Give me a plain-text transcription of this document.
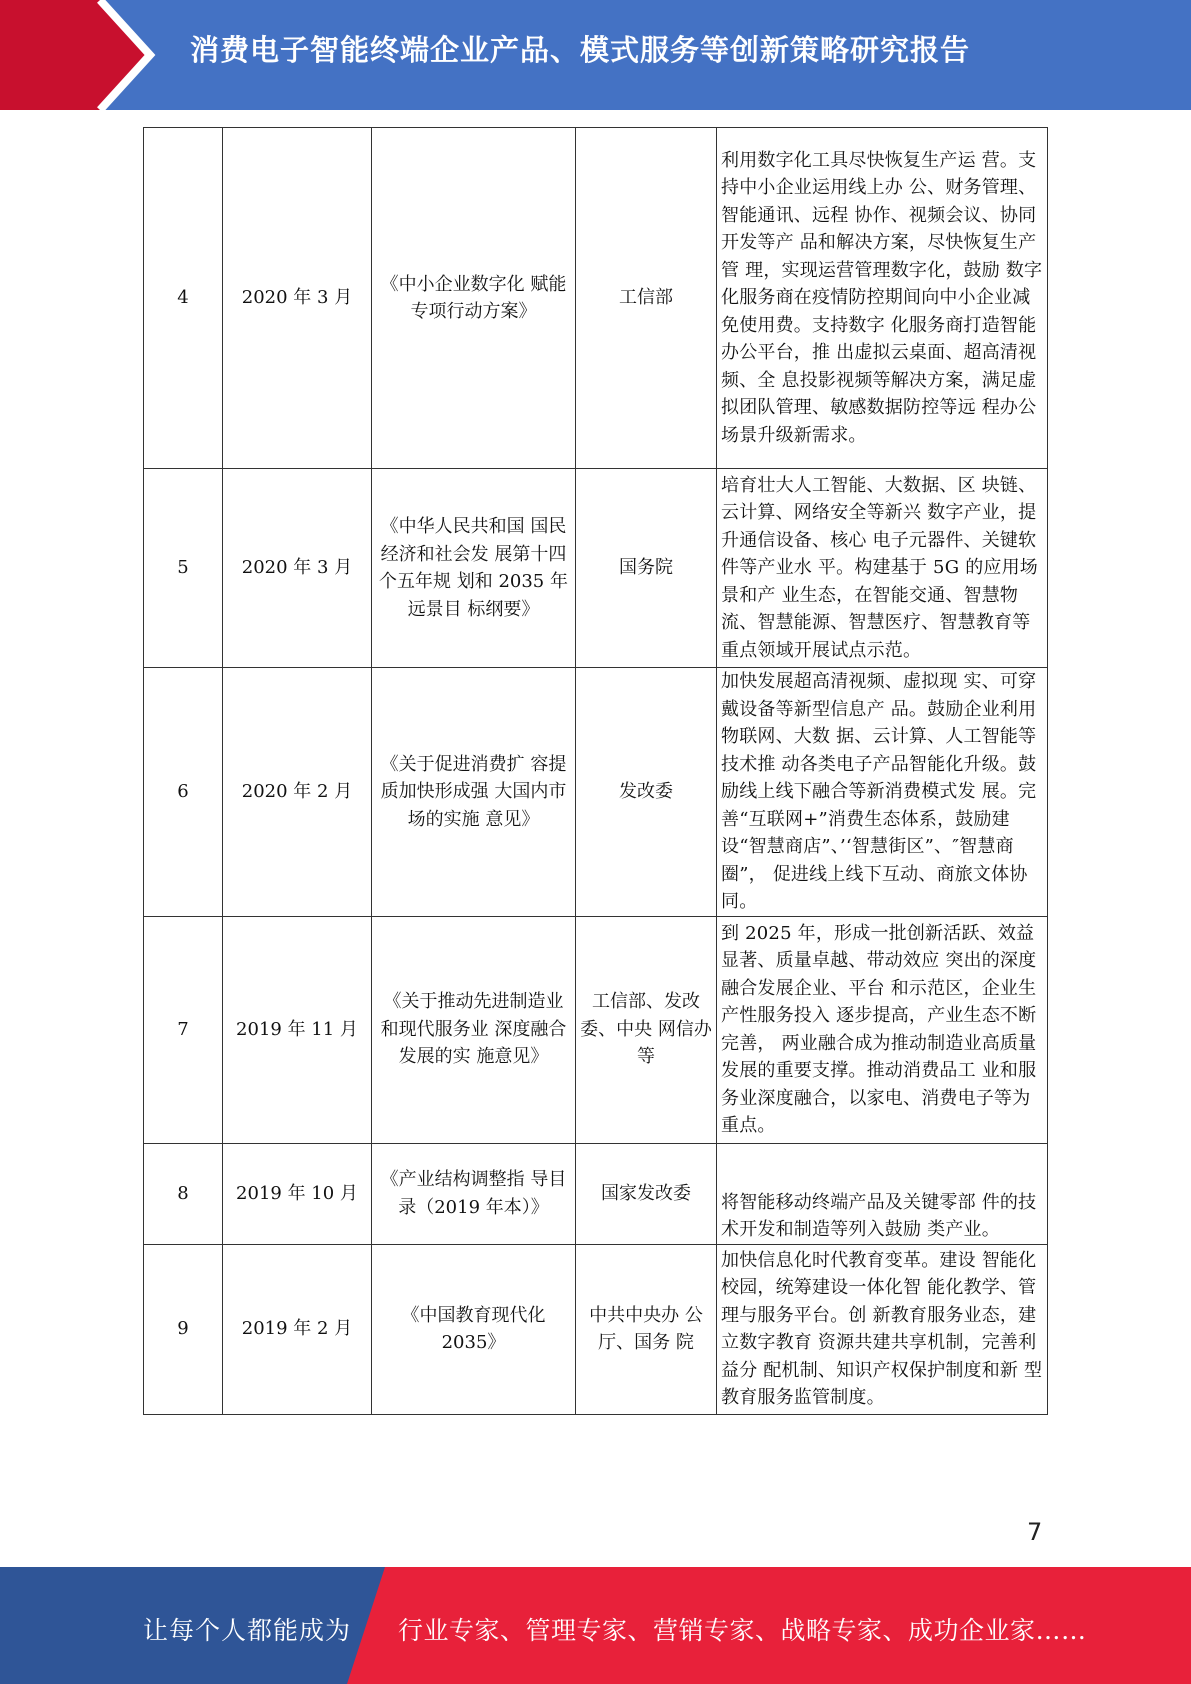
消费电子智能终端企业产品、模式服务等创新策略研究报告
4	2020 年 3 月	《中小企业数字化 赋能专项行动方案》	工信部	利用数字化工具尽快恢复生产运 营。支持中小企业运用线上办 公、财务管理、智能通讯、远程 协作、视频会议、协同开发等产 品和解决方案，尽快恢复生产管 理，实现运营管理数字化，鼓励 数字化服务商在疫情防控期间向中小企业减免使用费。支持数字 化服务商打造智能办公平台，推 出虚拟云桌面、超高清视频、全 息投影视频等解决方案，满足虚 拟团队管理、敏感数据防控等远 程办公场景升级新需求。
5	2020 年 3 月	《中华人民共和国 国民经济和社会发 展第十四个五年规 划和 2035 年远景目 标纲要》	国务院	培育壮大人工智能、大数据、区 块链、云计算、网络安全等新兴 数字产业，提升通信设备、核心 电子元器件、关键软件等产业水 平。构建基于 5G 的应用场景和产 业生态，在智能交通、智慧物 流、智慧能源、智慧医疗、智慧教育等重点领域开展试点示范。
6	2020 年 2 月	《关于促进消费扩 容提质加快形成强 大国内市场的实施 意见》	发改委	加快发展超高清视频、虚拟现 实、可穿戴设备等新型信息产 品。鼓励企业利用物联网、大数 据、云计算、人工智能等技术推 动各类电子产品智能化升级。鼓 励线上线下融合等新消费模式发 展。完善“互联网+”消费生态体系，鼓励建设“智慧商店”、’‘智慧街区”、″智慧商圈”， 促进线上线下互动、商旅文体协 同。
7	2019 年 11 月	《关于推动先进制造业和现代服务业 深度融合发展的实 施意见》	工信部、发改委、中央 网信办等	到 2025 年，形成一批创新活跃、效益显著、质量卓越、带动效应 突出的深度融合发展企业、平台 和示范区，企业生产性服务投入 逐步提高，产业生态不断完善， 两业融合成为推动制造业高质量 发展的重要支撑。推动消费品工 业和服务业深度融合，以家电、消费电子等为重点。
8	2019 年 10 月	《产业结构调整指 导目录（2019 年本）》	国家发改委	将智能移动终端产品及关键零部 件的技术开发和制造等列入鼓励 类产业。
9	2019 年 2 月	《中国教育现代化 2035》	中共中央办 公厅、国务 院	加快信息化时代教育变革。建设 智能化校园，统筹建设一体化智 能化教学、管理与服务平台。创 新教育服务业态，建立数字教育 资源共建共享机制，完善利益分 配机制、知识产权保护制度和新 型教育服务监管制度。
7
让每个人都能成为 行业专家、管理专家、营销专家、战略专家、成功企业家……
